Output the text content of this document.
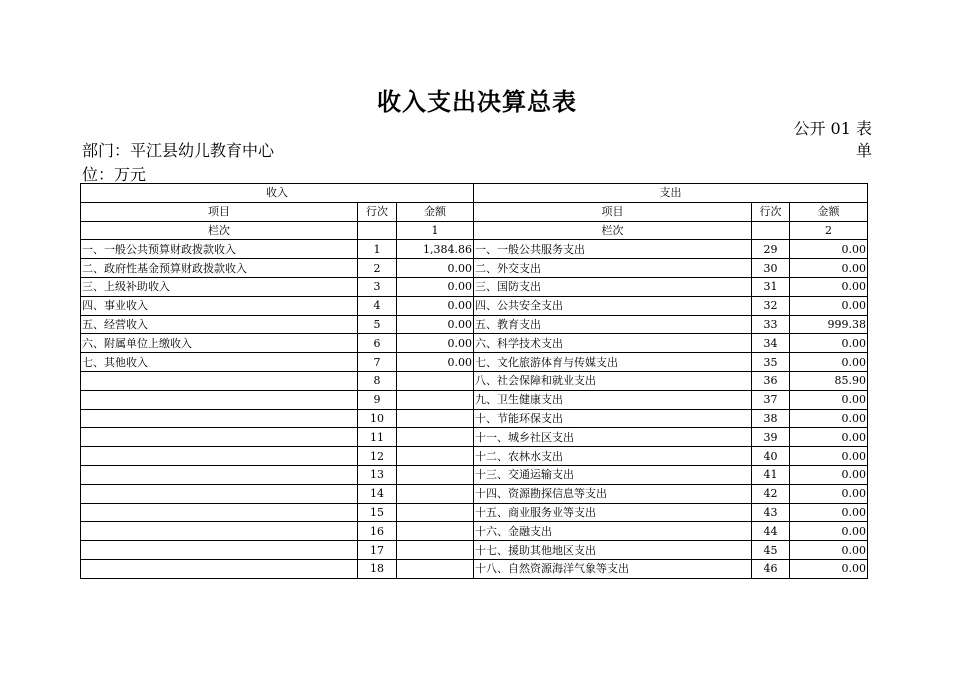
收入支出决算总表
公开 01 表
部门：平江县幼儿教育中心	单
位：万元
收入			支出		
项目	行次	金额	项目	行次	金额
栏次		1	栏次		2
一、一般公共预算财政拨款收入	1	1,384.86	一、一般公共服务支出	29	0.00
二、政府性基金预算财政拨款收入	2	0.00	二、外交支出	30	0.00
三、上级补助收入	3	0.00	三、国防支出	31	0.00
四、事业收入	4	0.00	四、公共安全支出	32	0.00
五、经营收入	5	0.00	五、教育支出	33	999.38
六、附属单位上缴收入	6	0.00	六、科学技术支出	34	0.00
七、其他收入	7	0.00	七、文化旅游体育与传媒支出	35	0.00
	8		八、社会保障和就业支出	36	85.90
	9		九、卫生健康支出	37	0.00
	10		十、节能环保支出	38	0.00
	11		十一、城乡社区支出	39	0.00
	12		十二、农林水支出	40	0.00
	13		十三、交通运输支出	41	0.00
	14		十四、资源勘探信息等支出	42	0.00
	15		十五、商业服务业等支出	43	0.00
	16		十六、金融支出	44	0.00
	17		十七、援助其他地区支出	45	0.00
	18		十八、自然资源海洋气象等支出	46	0.00
